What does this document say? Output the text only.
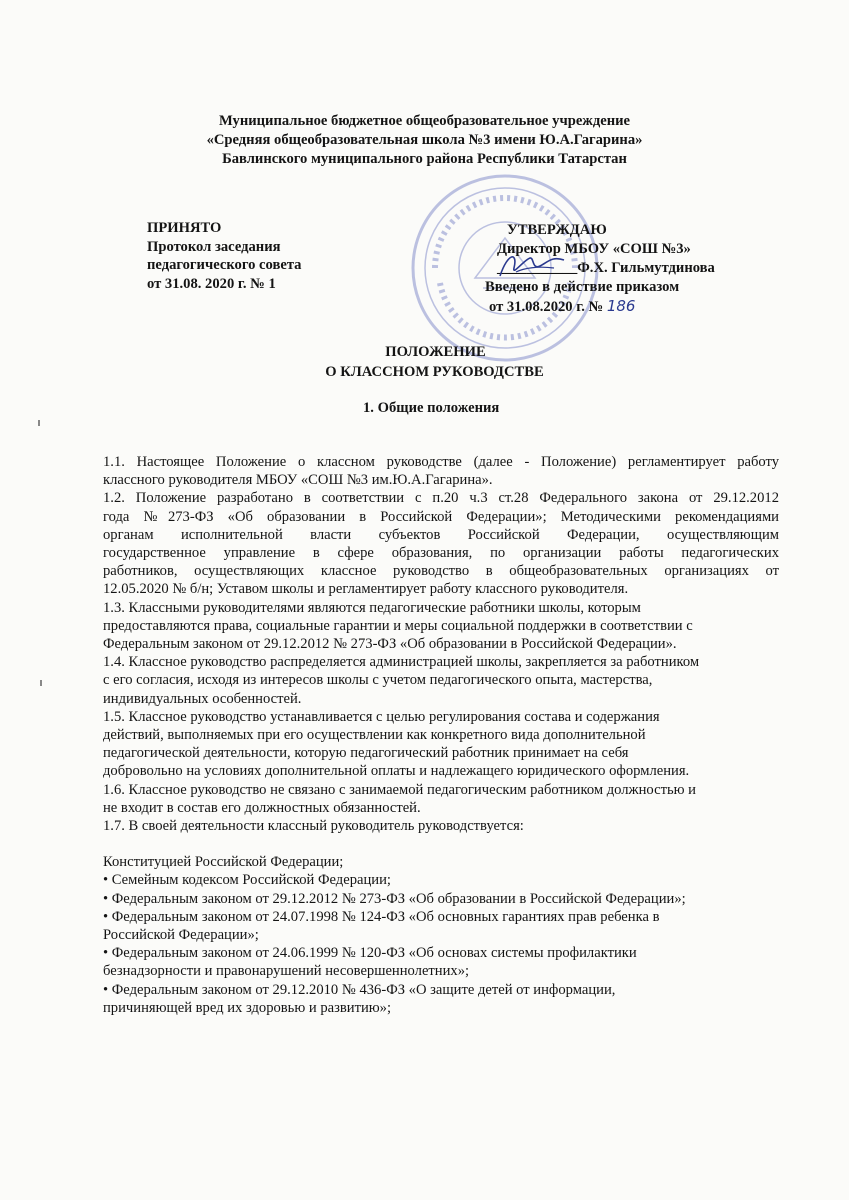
Муниципальное бюджетное общеобразовательное учреждение
«Средняя общеобразовательная школа №3 имени Ю.А.Гагарина»
Бавлинского муниципального района Республики Татарстан
ПРИНЯТО
Протокол заседания
педагогического совета
от 31.08. 2020 г. № 1
УТВЕРЖДАЮ
Директор МБОУ «СОШ №3»
___________Ф.Х. Гильмутдинова
Введено в действие приказом
от 31.08.2020 г. № 186
ПОЛОЖЕНИЕ
О КЛАССНОМ РУКОВОДСТВЕ
1. Общие положения
1.1. Настоящее Положение о классном руководстве (далее - Положение) регламентирует работу
классного руководителя МБОУ «СОШ №3 им.Ю.А.Гагарина».
1.2. Положение разработано в соответствии с п.20 ч.3 ст.28 Федерального закона от 29.12.2012
года №273-ФЗ «Об образовании в Российской Федерации»; Методическими рекомендациями
органам исполнительной власти субъектов Российской Федерации, осуществляющим
государственное управление в сфере образования, по организации работы педагогических
работников, осуществляющих классное руководство в общеобразовательных организациях от
12.05.2020 № б/н; Уставом школы и регламентирует работу классного руководителя.
1.3. Классными руководителями являются педагогические работники школы, которым
предоставляются права, социальные гарантии и меры социальной поддержки в соответствии с
Федеральным законом от 29.12.2012 № 273-ФЗ «Об образовании в Российской Федерации».
1.4. Классное руководство распределяется администрацией школы, закрепляется за работником
с его согласия, исходя из интересов школы с учетом педагогического опыта, мастерства,
индивидуальных особенностей.
1.5. Классное руководство устанавливается с целью регулирования состава и содержания
действий, выполняемых при его осуществлении как конкретного вида дополнительной
педагогической деятельности, которую педагогический работник принимает на себя
добровольно на условиях дополнительной оплаты и надлежащего юридического оформления.
1.6. Классное руководство не связано с занимаемой педагогическим работником должностью и
не входит в состав его должностных обязанностей.
1.7. В своей деятельности классный руководитель руководствуется:
Конституцией Российской Федерации;
• Семейным кодексом Российской Федерации;
• Федеральным законом от 29.12.2012 № 273-ФЗ «Об образовании в Российской Федерации»;
• Федеральным законом от 24.07.1998 № 124-ФЗ «Об основных гарантиях прав ребенка в
Российской Федерации»;
• Федеральным законом от 24.06.1999 № 120-ФЗ «Об основах системы профилактики
безнадзорности и правонарушений несовершеннолетних»;
• Федеральным законом от 29.12.2010 № 436-ФЗ «О защите детей от информации,
причиняющей вред их здоровью и развитию»;
